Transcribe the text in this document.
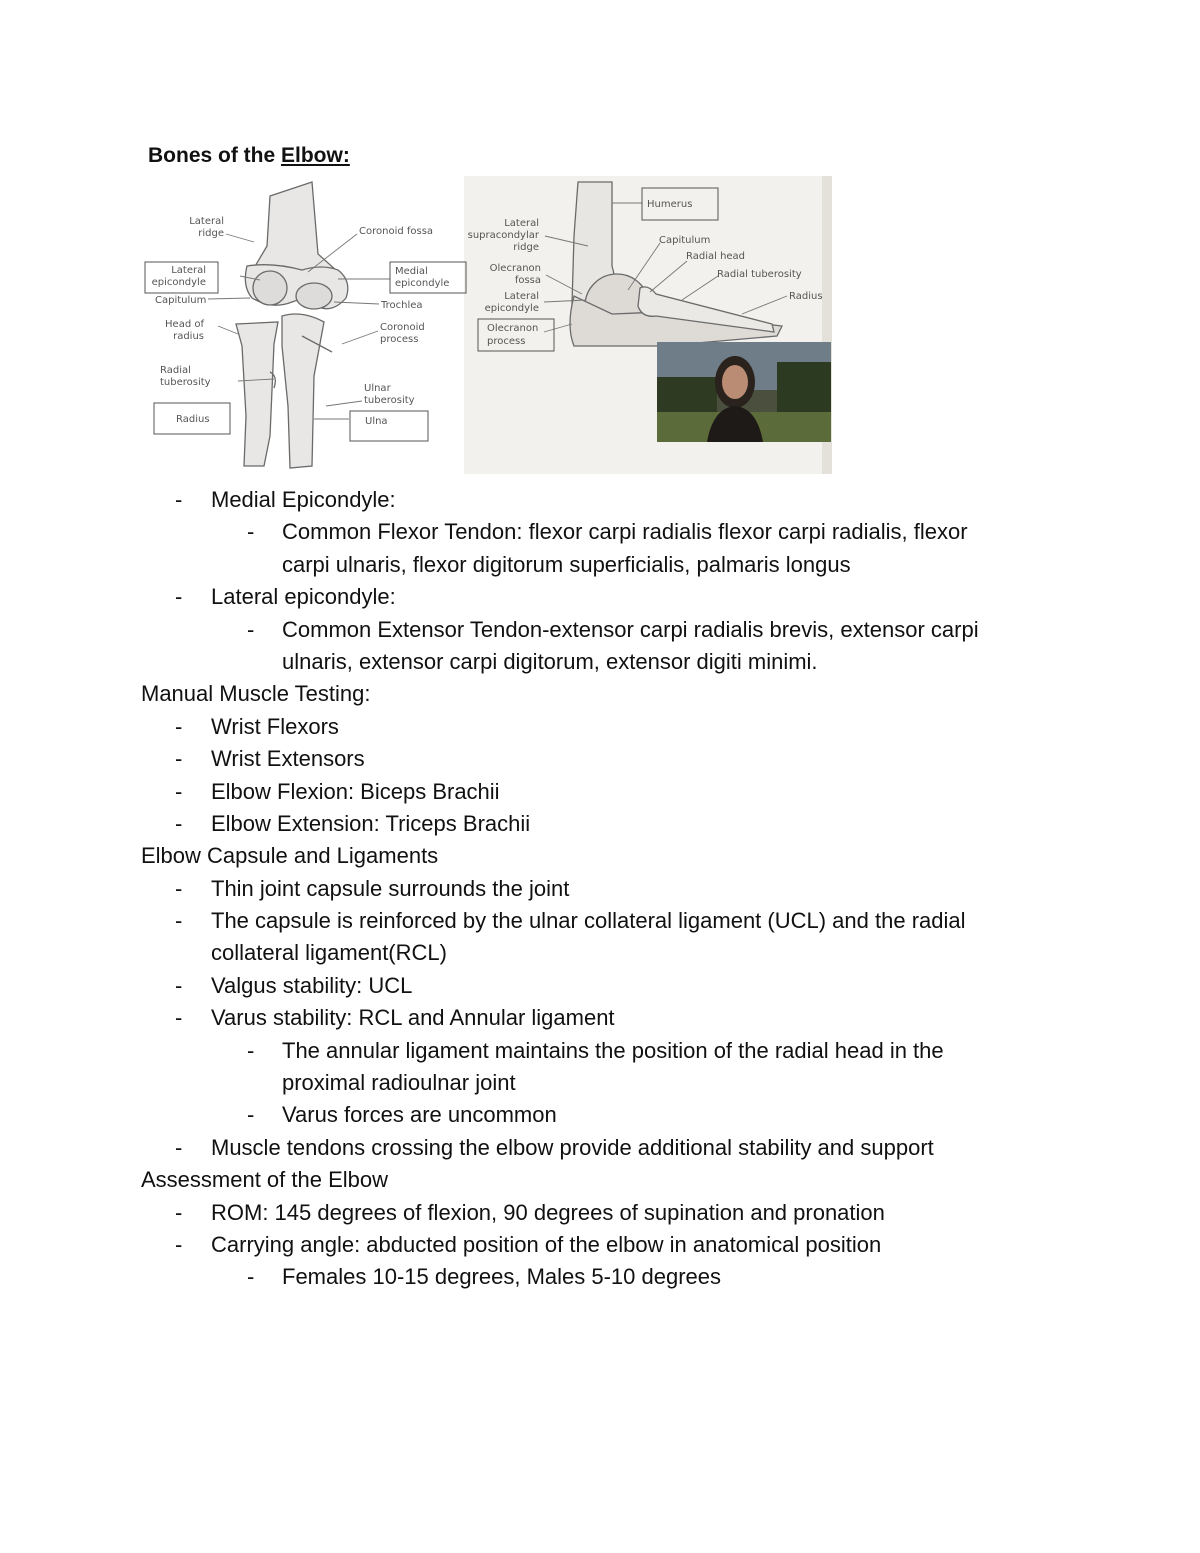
Bones of the Elbow:
Lateral
ridge
Lateral
epicondyle
Capitulum
Head of
radius
Radial
tuberosity
Radius
Coronoid fossa
Medial
epicondyle
Trochlea
Coronoid
process
Ulnar
tuberosity
Ulna
Lateral
supracondylar
ridge
Olecranon
fossa
Lateral
epicondyle
Olecranon
process
Humerus
Capitulum
Radial head
Radial tuberosity
Radius
- Medial Epicondyle:
- Common Flexor Tendon: flexor carpi radialis flexor carpi radialis, flexor
carpi ulnaris, flexor digitorum superficialis, palmaris longus
- Lateral epicondyle:
- Common Extensor Tendon-extensor carpi radialis brevis, extensor carpi
ulnaris, extensor carpi digitorum, extensor digiti minimi.
Manual Muscle Testing:
- Wrist Flexors
- Wrist Extensors
- Elbow Flexion: Biceps Brachii
- Elbow Extension: Triceps Brachii
Elbow Capsule and Ligaments
- Thin joint capsule surrounds the joint
- The capsule is reinforced by the ulnar collateral ligament (UCL) and the radial
collateral ligament(RCL)
- Valgus stability: UCL
- Varus stability: RCL and Annular ligament
- The annular ligament maintains the position of the radial head in the
proximal radioulnar joint
- Varus forces are uncommon
- Muscle tendons crossing the elbow provide additional stability and support
Assessment of the Elbow
- ROM: 145 degrees of flexion, 90 degrees of supination and pronation
- Carrying angle: abducted position of the elbow in anatomical position
- Females 10-15 degrees, Males 5-10 degrees
